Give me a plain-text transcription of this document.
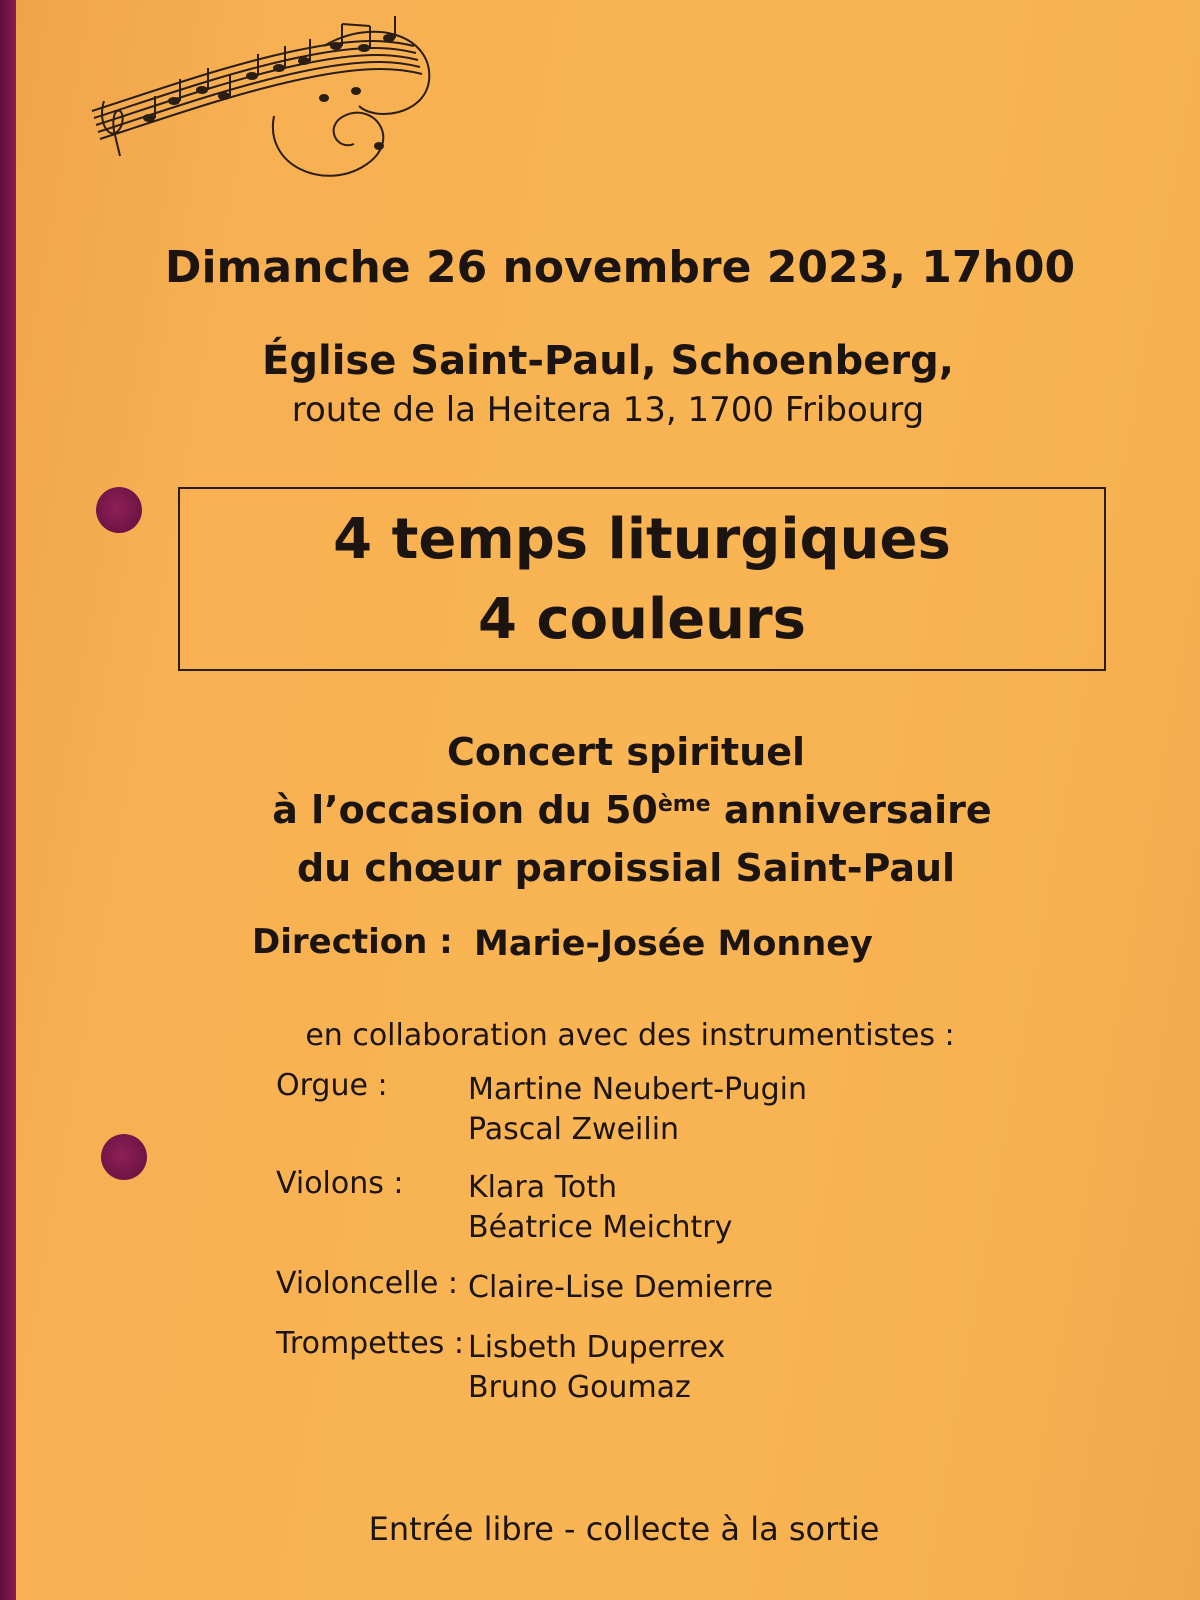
Dimanche 26 novembre 2023, 17h00
Église Saint-Paul, Schoenberg,
route de la Heitera 13, 1700 Fribourg
4 temps liturgiques
4 couleurs
Concert spirituel
à l’occasion du 50ème anniversaire
du chœur paroissial Saint-Paul
Direction : Marie-Josée Monney
en collaboration avec des instrumentistes :
Orgue :	Martine Neubert-Pugin
Pascal Zweilin
Violons : Klara Toth
Béatrice Meichtry
Violoncelle : Claire-Lise Demierre
Trompettes : Lisbeth Duperrex
Bruno Goumaz
Entrée libre - collecte à la sortie
